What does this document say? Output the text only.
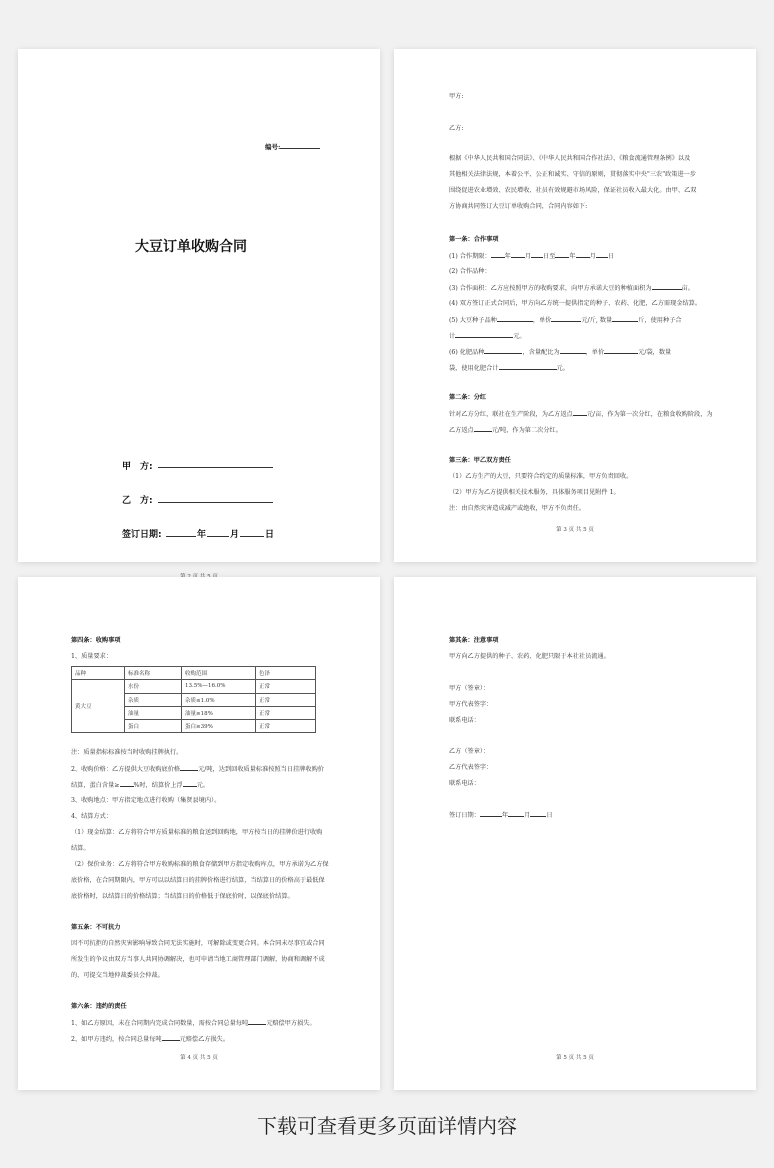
编号:
大豆订单收购合同
甲　方:
乙　方:
签订日期:	年	月	日
甲方:
乙方:
根据《中华人民共和国合同法》、《中华人民共和国合作社法》、《粮食流通管理条例》以及
其他相关法律法规，本着公平、公正和诚实、守信的原则，贯彻落实中央"三农"政策进一步
围绕促进农业增效、农民增收、社员有效规避市场风险，保证社员收入最大化。由甲、乙双
方协商共同签订大豆订单收购合同，合同内容如下:
第一条：合作事项
(1) 合作期限： 年 月 日至 年 月 日
(2) 合作品种：
(3) 合作面积：乙方应按照甲方的收购要求，向甲方承诺大豆的种植面积为	亩。
(4) 双方签订正式合同后，甲方向乙方统一提供指定的种子、农药、化肥，乙方需现金结算。
(5) 大豆种子品种	，单价	元/斤, 数量	斤，使用种子合
计	元。
(6) 化肥品种	，含量配比为	，单价	元/袋，数量
袋，使用化肥合计	元。
第二条：分红
针对乙方分红，联社在生产阶段，为乙方返点 元/亩，作为第一次分红，在粮食收购阶段，为
乙方返点	元/吨，作为第二次分红。
第三条：甲乙双方责任
（1）乙方生产的大豆，只要符合约定的质量标准，甲方负责回收。
（2）甲方为乙方提供相关技术服务，具体服务项目见附件 1。
注：由自然灾害造成减产或绝收，甲方不负责任。
第 3 页 共 5 页
第四条：收购事项
1、质量要求：
品种	标准名称	收购范围	色泽
黄大豆	水份	13.5%—16.0%	正常
	杂质	杂质≤1.0%	正常
	油量	油量≥18%	正常
	蛋白	蛋白≥39%	正常
注：质量指标标准按当时收购挂牌执行。
2、收购价格：乙方提供大豆收购底价格	元/吨，达到回收质量标准按照当日挂牌收购价
结算，蛋白含量≥ %时，结算价上浮 元。
3、收购地点：甲方指定地点进行收购（集贤县境内）。
4、结算方式：
（1）现金结算：乙方将符合甲方质量标准的粮食送到回购地，甲方按当日的挂牌价进行收购
结算。
（2）保价业务：乙方将符合甲方收购标准的粮食存储到甲方指定收购库点，甲方承诺为乙方保
底价格，在合同期限内，甲方可以以结算日的挂牌价格进行结算，当结算日的价格高于最低保
底价格时，以结算日的价格结算；当结算日的价格低于保底价时，以保底价结算。
第五条：不可抗力
因不可抗拒的自然灾害影响导致合同无法实施时，可解除或变更合同。本合同未尽事宜或合同
所发生的争议由双方当事人共同协调解决，也可申请当地工商管理部门调解，协商和调解不成
的，可提交当地仲裁委员会仲裁。
第六条：违约的责任
1、如乙方原因，未在合同期内完成合同数量，需按合同总量每吨	元赔偿甲方损失。
2、如甲方违约，按合同总量每吨	元赔偿乙方损失。
第 4 页 共 5 页
第其条：注意事项
甲方向乙方提供的种子、农药、化肥只限于本社社员流通。
甲方（签章）：
甲方代表签字：
联系电话：
乙方（签章）：
乙方代表签字：
联系电话：
签订日期：	年	月	日
第 5 页 共 5 页
下载可查看更多页面详情内容
